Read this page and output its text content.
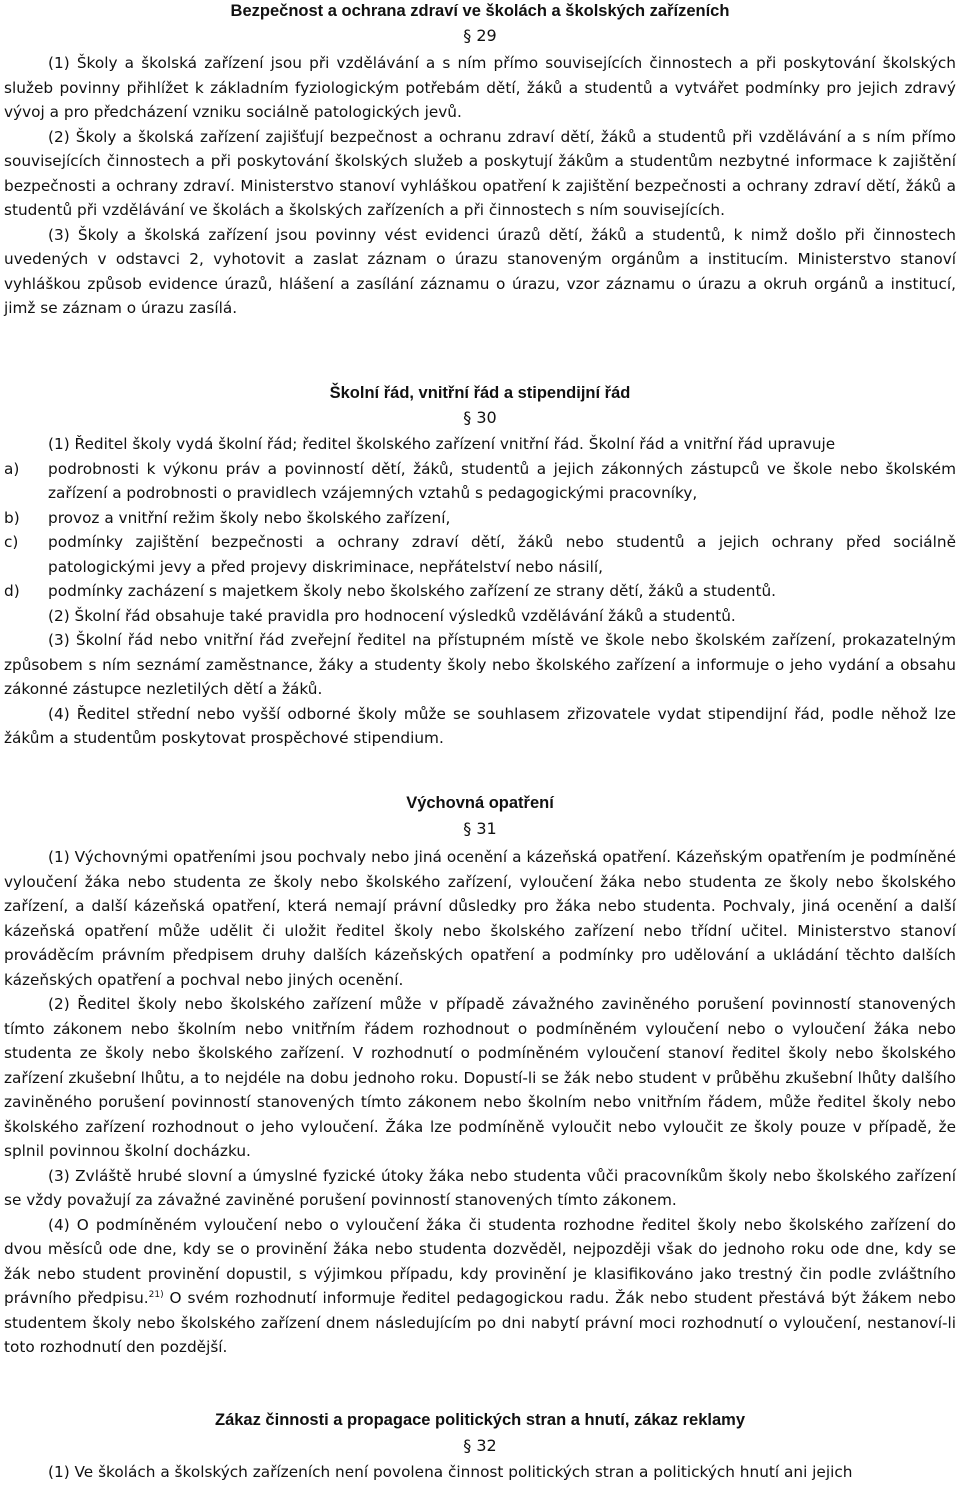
Bezpečnost a ochrana zdraví ve školách a školských zařízeních
§ 29

(1) Školy a školská zařízení jsou při vzdělávání a s ním přímo souvisejících činnostech a při poskytování školských služeb povinny přihlížet k základním fyziologickým potřebám dětí, žáků a studentů a vytvářet podmínky pro jejich zdravý vývoj a pro předcházení vzniku sociálně patologických jevů.

(2) Školy a školská zařízení zajišťují bezpečnost a ochranu zdraví dětí, žáků a studentů při vzdělávání a s ním přímo souvisejících činnostech a při poskytování školských služeb a poskytují žákům a studentům nezbytné informace k zajištění bezpečnosti a ochrany zdraví. Ministerstvo stanoví vyhláškou opatření k zajištění bezpečnosti a ochrany zdraví dětí, žáků a studentů při vzdělávání ve školách a školských zařízeních a při činnostech s ním souvisejících.

(3) Školy a školská zařízení jsou povinny vést evidenci úrazů dětí, žáků a studentů, k nimž došlo při činnostech uvedených v odstavci 2, vyhotovit a zaslat záznam o úrazu stanoveným orgánům a institucím. Ministerstvo stanoví vyhláškou způsob evidence úrazů, hlášení a zasílání záznamu o úrazu, vzor záznamu o úrazu a okruh orgánů a institucí, jimž se záznam o úrazu zasílá.

Školní řád, vnitřní řád a stipendijní řád
§ 30

(1) Ředitel školy vydá školní řád; ředitel školského zařízení vnitřní řád. Školní řád a vnitřní řád upravuje

a)	podrobnosti k výkonu práv a povinností dětí, žáků, studentů a jejich zákonných zástupců ve škole nebo školském zařízení a podrobnosti o pravidlech vzájemných vztahů s pedagogickými pracovníky,
b)	provoz a vnitřní režim školy nebo školského zařízení,
c)	podmínky zajištění bezpečnosti a ochrany zdraví dětí, žáků nebo studentů a jejich ochrany před sociálně patologickými jevy a před projevy diskriminace, nepřátelství nebo násilí,
d)	podmínky zacházení s majetkem školy nebo školského zařízení ze strany dětí, žáků a studentů.

(2) Školní řád obsahuje také pravidla pro hodnocení výsledků vzdělávání žáků a studentů.

(3) Školní řád nebo vnitřní řád zveřejní ředitel na přístupném místě ve škole nebo školském zařízení, prokazatelným způsobem s ním seznámí zaměstnance, žáky a studenty školy nebo školského zařízení a informuje o jeho vydání a obsahu zákonné zástupce nezletilých dětí a žáků.

(4) Ředitel střední nebo vyšší odborné školy může se souhlasem zřizovatele vydat stipendijní řád, podle něhož lze žákům a studentům poskytovat prospěchové stipendium.

Výchovná opatření
§ 31

(1) Výchovnými opatřeními jsou pochvaly nebo jiná ocenění a kázeňská opatření. Kázeňským opatřením je podmíněné vyloučení žáka nebo studenta ze školy nebo školského zařízení, vyloučení žáka nebo studenta ze školy nebo školského zařízení, a další kázeňská opatření, která nemají právní důsledky pro žáka nebo studenta. Pochvaly, jiná ocenění a další kázeňská opatření může udělit či uložit ředitel školy nebo školského zařízení nebo třídní učitel. Ministerstvo stanoví prováděcím právním předpisem druhy dalších kázeňských opatření a podmínky pro udělování a ukládání těchto dalších kázeňských opatření a pochval nebo jiných ocenění.

(2) Ředitel školy nebo školského zařízení může v případě závažného zaviněného porušení povinností stanovených tímto zákonem nebo školním nebo vnitřním řádem rozhodnout o podmíněném vyloučení nebo o vyloučení žáka nebo studenta ze školy nebo školského zařízení. V rozhodnutí o podmíněném vyloučení stanoví ředitel školy nebo školského zařízení zkušební lhůtu, a to nejdéle na dobu jednoho roku. Dopustí-li se žák nebo student v průběhu zkušební lhůty dalšího zaviněného porušení povinností stanovených tímto zákonem nebo školním nebo vnitřním řádem, může ředitel školy nebo školského zařízení rozhodnout o jeho vyloučení. Žáka lze podmíněně vyloučit nebo vyloučit ze školy pouze v případě, že splnil povinnou školní docházku.

(3) Zvláště hrubé slovní a úmyslné fyzické útoky žáka nebo studenta vůči pracovníkům školy nebo školského zařízení se vždy považují za závažné zaviněné porušení povinností stanovených tímto zákonem.

(4) O podmíněném vyloučení nebo o vyloučení žáka či studenta rozhodne ředitel školy nebo školského zařízení do dvou měsíců ode dne, kdy se o provinění žáka nebo studenta dozvěděl, nejpozději však do jednoho roku ode dne, kdy se žák nebo student provinění dopustil, s výjimkou případu, kdy provinění je klasifikováno jako trestný čin podle zvláštního právního předpisu.$^{21)}$ O svém rozhodnutí informuje ředitel pedagogickou radu. Žák nebo student přestává být žákem nebo studentem školy nebo školského zařízení dnem následujícím po dni nabytí právní moci rozhodnutí o vyloučení, nestanoví-li toto rozhodnutí den pozdější.

Zákaz činnosti a propagace politických stran a hnutí, zákaz reklamy
§ 32

(1) Ve školách a školských zařízeních není povolena činnost politických stran a politických hnutí ani jejich
